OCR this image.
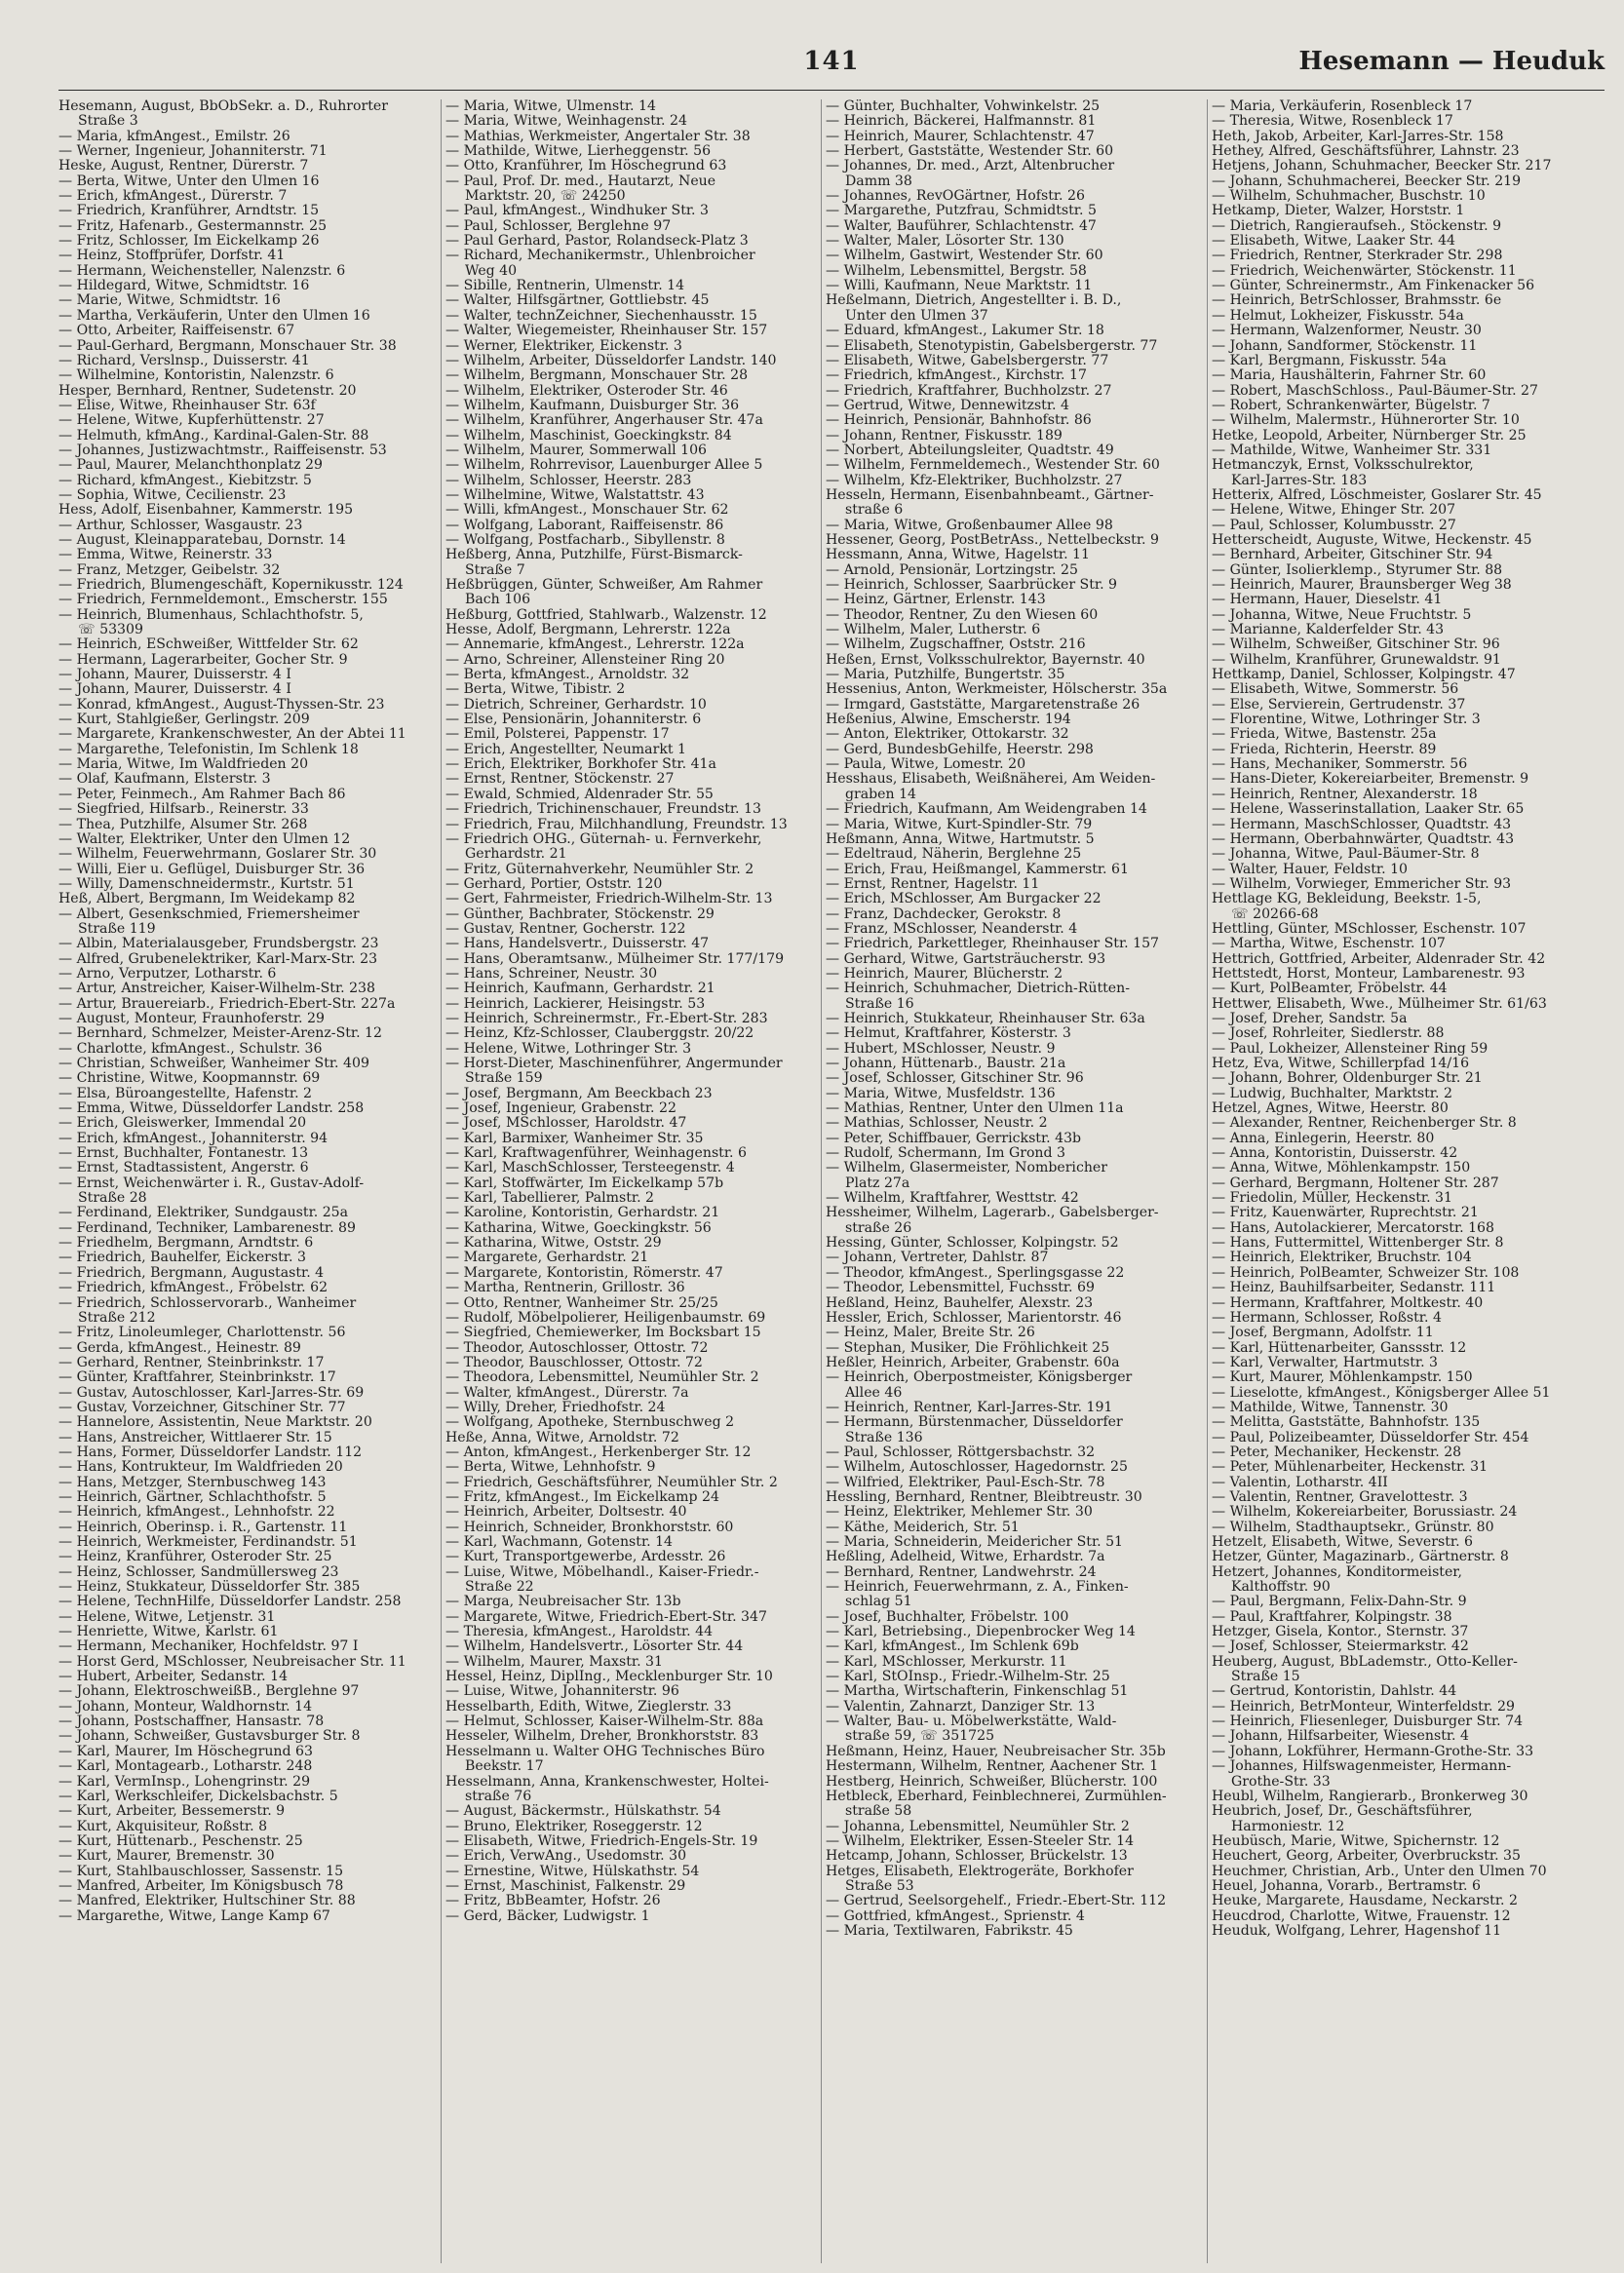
141	Hesemann — Heuduk
Hesemann, August, BbObSekr. a. D., Ruhrorter
Straße 3
— Maria, kfmAngest., Emilstr. 26
— Werner, Ingenieur, Johanniterstr. 71
Heske, August, Rentner, Dürerstr. 7
— Berta, Witwe, Unter den Ulmen 16
— Erich, kfmAngest., Dürerstr. 7
— Friedrich, Kranführer, Arndtstr. 15
— Fritz, Hafenarb., Gestermannstr. 25
— Fritz, Schlosser, Im Eickelkamp 26
— Heinz, Stoffprüfer, Dorfstr. 41
— Hermann, Weichensteller, Nalenzstr. 6
— Hildegard, Witwe, Schmidtstr. 16
— Marie, Witwe, Schmidtstr. 16
— Martha, Verkäuferin, Unter den Ulmen 16
— Otto, Arbeiter, Raiffeisenstr. 67
— Paul-Gerhard, Bergmann, Monschauer Str. 38
— Richard, Verslnsp., Duisserstr. 41
— Wilhelmine, Kontoristin, Nalenzstr. 6
Hesper, Bernhard, Rentner, Sudetenstr. 20
— Elise, Witwe, Rheinhauser Str. 63f
— Helene, Witwe, Kupferhüttenstr. 27
— Helmuth, kfmAng., Kardinal-Galen-Str. 88
— Johannes, Justizwachtmstr., Raiffeisenstr. 53
— Paul, Maurer, Melanchthonplatz 29
— Richard, kfmAngest., Kiebitzstr. 5
— Sophia, Witwe, Cecilienstr. 23
Hess, Adolf, Eisenbahner, Kammerstr. 195
— Arthur, Schlosser, Wasgaustr. 23
— August, Kleinapparatebau, Dornstr. 14
— Emma, Witwe, Reinerstr. 33
— Franz, Metzger, Geibelstr. 32
— Friedrich, Blumengeschäft, Kopernikusstr. 124
— Friedrich, Fernmeldemont., Emscherstr. 155
— Heinrich, Blumenhaus, Schlachthofstr. 5,
☏ 53309
— Heinrich, ESchweißer, Wittfelder Str. 62
— Hermann, Lagerarbeiter, Gocher Str. 9
— Johann, Maurer, Duisserstr. 4 I
— Johann, Maurer, Duisserstr. 4 I
— Konrad, kfmAngest., August-Thyssen-Str. 23
— Kurt, Stahlgießer, Gerlingstr. 209
— Margarete, Krankenschwester, An der Abtei 11
— Margarethe, Telefonistin, Im Schlenk 18
— Maria, Witwe, Im Waldfrieden 20
— Olaf, Kaufmann, Elsterstr. 3
— Peter, Feinmech., Am Rahmer Bach 86
— Siegfried, Hilfsarb., Reinerstr. 33
— Thea, Putzhilfe, Alsumer Str. 268
— Walter, Elektriker, Unter den Ulmen 12
— Wilhelm, Feuerwehrmann, Goslarer Str. 30
— Willi, Eier u. Geflügel, Duisburger Str. 36
— Willy, Damenschneidermstr., Kurtstr. 51
Heß, Albert, Bergmann, Im Weidekamp 82
— Albert, Gesenkschmied, Friemersheimer
Straße 119
— Albin, Materialausgeber, Frundsbergstr. 23
— Alfred, Grubenelektriker, Karl-Marx-Str. 23
— Arno, Verputzer, Lotharstr. 6
— Artur, Anstreicher, Kaiser-Wilhelm-Str. 238
— Artur, Brauereiarb., Friedrich-Ebert-Str. 227a
— August, Monteur, Fraunhoferstr. 29
— Bernhard, Schmelzer, Meister-Arenz-Str. 12
— Charlotte, kfmAngest., Schulstr. 36
— Christian, Schweißer, Wanheimer Str. 409
— Christine, Witwe, Koopmannstr. 69
— Elsa, Büroangestellte, Hafenstr. 2
— Emma, Witwe, Düsseldorfer Landstr. 258
— Erich, Gleiswerker, Immendal 20
— Erich, kfmAngest., Johanniterstr. 94
— Ernst, Buchhalter, Fontanestr. 13
— Ernst, Stadtassistent, Angerstr. 6
— Ernst, Weichenwärter i. R., Gustav-Adolf-
Straße 28
— Ferdinand, Elektriker, Sundgaustr. 25a
— Ferdinand, Techniker, Lambarenestr. 89
— Friedhelm, Bergmann, Arndtstr. 6
— Friedrich, Bauhelfer, Eickerstr. 3
— Friedrich, Bergmann, Augustastr. 4
— Friedrich, kfmAngest., Fröbelstr. 62
— Friedrich, Schlosservorarb., Wanheimer
Straße 212
— Fritz, Linoleumleger, Charlottenstr. 56
— Gerda, kfmAngest., Heinestr. 89
— Gerhard, Rentner, Steinbrinkstr. 17
— Günter, Kraftfahrer, Steinbrinkstr. 17
— Gustav, Autoschlosser, Karl-Jarres-Str. 69
— Gustav, Vorzeichner, Gitschiner Str. 77
— Hannelore, Assistentin, Neue Marktstr. 20
— Hans, Anstreicher, Wittlaerer Str. 15
— Hans, Former, Düsseldorfer Landstr. 112
— Hans, Kontrukteur, Im Waldfrieden 20
— Hans, Metzger, Sternbuschweg 143
— Heinrich, Gärtner, Schlachthofstr. 5
— Heinrich, kfmAngest., Lehnhofstr. 22
— Heinrich, Oberinsp. i. R., Gartenstr. 11
— Heinrich, Werkmeister, Ferdinandstr. 51
— Heinz, Kranführer, Osteroder Str. 25
— Heinz, Schlosser, Sandmüllersweg 23
— Heinz, Stukkateur, Düsseldorfer Str. 385
— Helene, TechnHilfe, Düsseldorfer Landstr. 258
— Helene, Witwe, Letjenstr. 31
— Henriette, Witwe, Karlstr. 61
— Hermann, Mechaniker, Hochfeldstr. 97 I
— Horst Gerd, MSchlosser, Neubreisacher Str. 11
— Hubert, Arbeiter, Sedanstr. 14
— Johann, ElektroschweißB., Berglehne 97
— Johann, Monteur, Waldhornstr. 14
— Johann, Postschaffner, Hansastr. 78
— Johann, Schweißer, Gustavsburger Str. 8
— Karl, Maurer, Im Höschegrund 63
— Karl, Montagearb., Lotharstr. 248
— Karl, VermInsp., Lohengrinstr. 29
— Karl, Werkschleifer, Dickelsbachstr. 5
— Kurt, Arbeiter, Bessemerstr. 9
— Kurt, Akquisiteur, Roßstr. 8
— Kurt, Hüttenarb., Peschenstr. 25
— Kurt, Maurer, Bremenstr. 30
— Kurt, Stahlbauschlosser, Sassenstr. 15
— Manfred, Arbeiter, Im Königsbusch 78
— Manfred, Elektriker, Hultschiner Str. 88
— Margarethe, Witwe, Lange Kamp 67
— Maria, Witwe, Ulmenstr. 14
— Maria, Witwe, Weinhagenstr. 24
— Mathias, Werkmeister, Angertaler Str. 38
— Mathilde, Witwe, Lierheggenstr. 56
— Otto, Kranführer, Im Höschegrund 63
— Paul, Prof. Dr. med., Hautarzt, Neue
Marktstr. 20, ☏ 24250
— Paul, kfmAngest., Windhuker Str. 3
— Paul, Schlosser, Berglehne 97
— Paul Gerhard, Pastor, Rolandseck-Platz 3
— Richard, Mechanikermstr., Uhlenbroicher
Weg 40
— Sibille, Rentnerin, Ulmenstr. 14
— Walter, Hilfsgärtner, Gottliebstr. 45
— Walter, technZeichner, Siechenhausstr. 15
— Walter, Wiegemeister, Rheinhauser Str. 157
— Werner, Elektriker, Eickenstr. 3
— Wilhelm, Arbeiter, Düsseldorfer Landstr. 140
— Wilhelm, Bergmann, Monschauer Str. 28
— Wilhelm, Elektriker, Osteroder Str. 46
— Wilhelm, Kaufmann, Duisburger Str. 36
— Wilhelm, Kranführer, Angerhauser Str. 47a
— Wilhelm, Maschinist, Goeckingkstr. 84
— Wilhelm, Maurer, Sommerwall 106
— Wilhelm, Rohrrevisor, Lauenburger Allee 5
— Wilhelm, Schlosser, Heerstr. 283
— Wilhelmine, Witwe, Walstattstr. 43
— Willi, kfmAngest., Monschauer Str. 62
— Wolfgang, Laborant, Raiffeisenstr. 86
— Wolfgang, Postfacharb., Sibyllenstr. 8
Heßberg, Anna, Putzhilfe, Fürst-Bismarck-
Straße 7
Heßbrüggen, Günter, Schweißer, Am Rahmer
Bach 106
Heßburg, Gottfried, Stahlwarb., Walzenstr. 12
Hesse, Adolf, Bergmann, Lehrerstr. 122a
— Annemarie, kfmAngest., Lehrerstr. 122a
— Arno, Schreiner, Allensteiner Ring 20
— Berta, kfmAngest., Arnoldstr. 32
— Berta, Witwe, Tibistr. 2
— Dietrich, Schreiner, Gerhardstr. 10
— Else, Pensionärin, Johanniterstr. 6
— Emil, Polsterei, Pappenstr. 17
— Erich, Angestellter, Neumarkt 1
— Erich, Elektriker, Borkhofer Str. 41a
— Ernst, Rentner, Stöckenstr. 27
— Ewald, Schmied, Aldenrader Str. 55
— Friedrich, Trichinenschauer, Freundstr. 13
— Friedrich, Frau, Milchhandlung, Freundstr. 13
— Friedrich OHG., Güternah- u. Fernverkehr,
Gerhardstr. 21
— Fritz, Güternahverkehr, Neumühler Str. 2
— Gerhard, Portier, Oststr. 120
— Gert, Fahrmeister, Friedrich-Wilhelm-Str. 13
— Günther, Bachbrater, Stöckenstr. 29
— Gustav, Rentner, Gocherstr. 122
— Hans, Handelsvertr., Duisserstr. 47
— Hans, Oberamtsanw., Mülheimer Str. 177/179
— Hans, Schreiner, Neustr. 30
— Heinrich, Kaufmann, Gerhardstr. 21
— Heinrich, Lackierer, Heisingstr. 53
— Heinrich, Schreinermstr., Fr.-Ebert-Str. 283
— Heinz, Kfz-Schlosser, Clauberggstr. 20/22
— Helene, Witwe, Lothringer Str. 3
— Horst-Dieter, Maschinenführer, Angermunder
Straße 159
— Josef, Bergmann, Am Beeckbach 23
— Josef, Ingenieur, Grabenstr. 22
— Josef, MSchlosser, Haroldstr. 47
— Karl, Barmixer, Wanheimer Str. 35
— Karl, Kraftwagenführer, Weinhagenstr. 6
— Karl, MaschSchlosser, Tersteegenstr. 4
— Karl, Stoffwärter, Im Eickelkamp 57b
— Karl, Tabellierer, Palmstr. 2
— Karoline, Kontoristin, Gerhardstr. 21
— Katharina, Witwe, Goeckingkstr. 56
— Katharina, Witwe, Oststr. 29
— Margarete, Gerhardstr. 21
— Margarete, Kontoristin, Römerstr. 47
— Martha, Rentnerin, Grillostr. 36
— Otto, Rentner, Wanheimer Str. 25/25
— Rudolf, Möbelpolierer, Heiligenbaumstr. 69
— Siegfried, Chemiewerker, Im Bocksbart 15
— Theodor, Autoschlosser, Ottostr. 72
— Theodor, Bauschlosser, Ottostr. 72
— Theodora, Lebensmittel, Neumühler Str. 2
— Walter, kfmAngest., Dürerstr. 7a
— Willy, Dreher, Friedhofstr. 24
— Wolfgang, Apotheke, Sternbuschweg 2
Heße, Anna, Witwe, Arnoldstr. 72
— Anton, kfmAngest., Herkenberger Str. 12
— Berta, Witwe, Lehnhofstr. 9
— Friedrich, Geschäftsführer, Neumühler Str. 2
— Fritz, kfmAngest., Im Eickelkamp 24
— Heinrich, Arbeiter, Doltsestr. 40
— Heinrich, Schneider, Bronkhorststr. 60
— Karl, Wachmann, Gotenstr. 14
— Kurt, Transportgewerbe, Ardesstr. 26
— Luise, Witwe, Möbelhandl., Kaiser-Friedr.-
Straße 22
— Marga, Neubreisacher Str. 13b
— Margarete, Witwe, Friedrich-Ebert-Str. 347
— Theresia, kfmAngest., Haroldstr. 44
— Wilhelm, Handelsvertr., Lösorter Str. 44
— Wilhelm, Maurer, Maxstr. 31
Hessel, Heinz, DiplIng., Mecklenburger Str. 10
— Luise, Witwe, Johanniterstr. 96
Hesselbarth, Edith, Witwe, Zieglerstr. 33
— Helmut, Schlosser, Kaiser-Wilhelm-Str. 88a
Hesseler, Wilhelm, Dreher, Bronkhorststr. 83
Hesselmann u. Walter OHG Technisches Büro
Beekstr. 17
Hesselmann, Anna, Krankenschwester, Holtei-
straße 76
— August, Bäckermstr., Hülskathstr. 54
— Bruno, Elektriker, Roseggerstr. 12
— Elisabeth, Witwe, Friedrich-Engels-Str. 19
— Erich, VerwAng., Usedomstr. 30
— Ernestine, Witwe, Hülskathstr. 54
— Ernst, Maschinist, Falkenstr. 29
— Fritz, BbBeamter, Hofstr. 26
— Gerd, Bäcker, Ludwigstr. 1
— Günter, Buchhalter, Vohwinkelstr. 25
— Heinrich, Bäckerei, Halfmannstr. 81
— Heinrich, Maurer, Schlachtenstr. 47
— Herbert, Gaststätte, Westender Str. 60
— Johannes, Dr. med., Arzt, Altenbrucher
Damm 38
— Johannes, RevOGärtner, Hofstr. 26
— Margarethe, Putzfrau, Schmidtstr. 5
— Walter, Bauführer, Schlachtenstr. 47
— Walter, Maler, Lösorter Str. 130
— Wilhelm, Gastwirt, Westender Str. 60
— Wilhelm, Lebensmittel, Bergstr. 58
— Willi, Kaufmann, Neue Marktstr. 11
Heßelmann, Dietrich, Angestellter i. B. D.,
Unter den Ulmen 37
— Eduard, kfmAngest., Lakumer Str. 18
— Elisabeth, Stenotypistin, Gabelsbergerstr. 77
— Elisabeth, Witwe, Gabelsbergerstr. 77
— Friedrich, kfmAngest., Kirchstr. 17
— Friedrich, Kraftfahrer, Buchholzstr. 27
— Gertrud, Witwe, Dennewitzstr. 4
— Heinrich, Pensionär, Bahnhofstr. 86
— Johann, Rentner, Fiskusstr. 189
— Norbert, Abteilungsleiter, Quadtstr. 49
— Wilhelm, Fernmeldemech., Westender Str. 60
— Wilhelm, Kfz-Elektriker, Buchholzstr. 27
Hesseln, Hermann, Eisenbahnbeamt., Gärtner-
straße 6
— Maria, Witwe, Großenbaumer Allee 98
Hessener, Georg, PostBetrAss., Nettelbeckstr. 9
Hessmann, Anna, Witwe, Hagelstr. 11
— Arnold, Pensionär, Lortzingstr. 25
— Heinrich, Schlosser, Saarbrücker Str. 9
— Heinz, Gärtner, Erlenstr. 143
— Theodor, Rentner, Zu den Wiesen 60
— Wilhelm, Maler, Lutherstr. 6
— Wilhelm, Zugschaffner, Oststr. 216
Heßen, Ernst, Volksschulrektor, Bayernstr. 40
— Maria, Putzhilfe, Bungertstr. 35
Hessenius, Anton, Werkmeister, Hölscherstr. 35a
— Irmgard, Gaststätte, Margaretenstraße 26
Heßenius, Alwine, Emscherstr. 194
— Anton, Elektriker, Ottokarstr. 32
— Gerd, BundesbGehilfe, Heerstr. 298
— Paula, Witwe, Lomestr. 20
Hesshaus, Elisabeth, Weißnäherei, Am Weiden-
graben 14
— Friedrich, Kaufmann, Am Weidengraben 14
— Maria, Witwe, Kurt-Spindler-Str. 79
Heßmann, Anna, Witwe, Hartmutstr. 5
— Edeltraud, Näherin, Berglehne 25
— Erich, Frau, Heißmangel, Kammerstr. 61
— Ernst, Rentner, Hagelstr. 11
— Erich, MSchlosser, Am Burgacker 22
— Franz, Dachdecker, Gerokstr. 8
— Franz, MSchlosser, Neanderstr. 4
— Friedrich, Parkettleger, Rheinhauser Str. 157
— Gerhard, Witwe, Gartsträucherstr. 93
— Heinrich, Maurer, Blücherstr. 2
— Heinrich, Schuhmacher, Dietrich-Rütten-
Straße 16
— Heinrich, Stukkateur, Rheinhauser Str. 63a
— Helmut, Kraftfahrer, Kösterstr. 3
— Hubert, MSchlosser, Neustr. 9
— Johann, Hüttenarb., Baustr. 21a
— Josef, Schlosser, Gitschiner Str. 96
— Maria, Witwe, Musfeldstr. 136
— Mathias, Rentner, Unter den Ulmen 11a
— Mathias, Schlosser, Neustr. 2
— Peter, Schiffbauer, Gerrickstr. 43b
— Rudolf, Schermann, Im Grond 3
— Wilhelm, Glasermeister, Nombericher
Platz 27a
— Wilhelm, Kraftfahrer, Westtstr. 42
Hessheimer, Wilhelm, Lagerarb., Gabelsberger-
straße 26
Hessing, Günter, Schlosser, Kolpingstr. 52
— Johann, Vertreter, Dahlstr. 87
— Theodor, kfmAngest., Sperlingsgasse 22
— Theodor, Lebensmittel, Fuchsstr. 69
Heßland, Heinz, Bauhelfer, Alexstr. 23
Hessler, Erich, Schlosser, Marientorstr. 46
— Heinz, Maler, Breite Str. 26
— Stephan, Musiker, Die Fröhlichkeit 25
Heßler, Heinrich, Arbeiter, Grabenstr. 60a
— Heinrich, Oberpostmeister, Königsberger
Allee 46
— Heinrich, Rentner, Karl-Jarres-Str. 191
— Hermann, Bürstenmacher, Düsseldorfer
Straße 136
— Paul, Schlosser, Röttgersbachstr. 32
— Wilhelm, Autoschlosser, Hagedornstr. 25
— Wilfried, Elektriker, Paul-Esch-Str. 78
Hessling, Bernhard, Rentner, Bleibtreustr. 30
— Heinz, Elektriker, Mehlemer Str. 30
— Käthe, Meiderich, Str. 51
— Maria, Schneiderin, Meidericher Str. 51
Heßling, Adelheid, Witwe, Erhardstr. 7a
— Bernhard, Rentner, Landwehrstr. 24
— Heinrich, Feuerwehrmann, z. A., Finken-
schlag 51
— Josef, Buchhalter, Fröbelstr. 100
— Karl, Betriebsing., Diepenbrocker Weg 14
— Karl, kfmAngest., Im Schlenk 69b
— Karl, MSchlosser, Merkurstr. 11
— Karl, StOInsp., Friedr.-Wilhelm-Str. 25
— Martha, Wirtschafterin, Finkenschlag 51
— Valentin, Zahnarzt, Danziger Str. 13
— Walter, Bau- u. Möbelwerkstätte, Wald-
straße 59, ☏ 351725
Heßmann, Heinz, Hauer, Neubreisacher Str. 35b
Hestermann, Wilhelm, Rentner, Aachener Str. 1
Hestberg, Heinrich, Schweißer, Blücherstr. 100
Hetbleck, Eberhard, Feinblechnerei, Zurmühlen-
straße 58
— Johanna, Lebensmittel, Neumühler Str. 2
— Wilhelm, Elektriker, Essen-Steeler Str. 14
Hetcamp, Johann, Schlosser, Brückelstr. 13
Hetges, Elisabeth, Elektrogeräte, Borkhofer
Straße 53
— Gertrud, Seelsorgehelf., Friedr.-Ebert-Str. 112
— Gottfried, kfmAngest., Sprienstr. 4
— Maria, Textilwaren, Fabrikstr. 45
— Maria, Verkäuferin, Rosenbleck 17
— Theresia, Witwe, Rosenbleck 17
Heth, Jakob, Arbeiter, Karl-Jarres-Str. 158
Hethey, Alfred, Geschäftsführer, Lahnstr. 23
Hetjens, Johann, Schuhmacher, Beecker Str. 217
— Johann, Schuhmacherei, Beecker Str. 219
— Wilhelm, Schuhmacher, Buschstr. 10
Hetkamp, Dieter, Walzer, Horststr. 1
— Dietrich, Rangieraufseh., Stöckenstr. 9
— Elisabeth, Witwe, Laaker Str. 44
— Friedrich, Rentner, Sterkrader Str. 298
— Friedrich, Weichenwärter, Stöckenstr. 11
— Günter, Schreinermstr., Am Finkenacker 56
— Heinrich, BetrSchlosser, Brahmsstr. 6e
— Helmut, Lokheizer, Fiskusstr. 54a
— Hermann, Walzenformer, Neustr. 30
— Johann, Sandformer, Stöckenstr. 11
— Karl, Bergmann, Fiskusstr. 54a
— Maria, Haushälterin, Fahrner Str. 60
— Robert, MaschSchloss., Paul-Bäumer-Str. 27
— Robert, Schrankenwärter, Bügelstr. 7
— Wilhelm, Malermstr., Hühnerorter Str. 10
Hetke, Leopold, Arbeiter, Nürnberger Str. 25
— Mathilde, Witwe, Wanheimer Str. 331
Hetmanczyk, Ernst, Volksschulrektor,
Karl-Jarres-Str. 183
Hetterix, Alfred, Löschmeister, Goslarer Str. 45
— Helene, Witwe, Ehinger Str. 207
— Paul, Schlosser, Kolumbusstr. 27
Hetterscheidt, Auguste, Witwe, Heckenstr. 45
— Bernhard, Arbeiter, Gitschiner Str. 94
— Günter, Isolierklemp., Styrumer Str. 88
— Heinrich, Maurer, Braunsberger Weg 38
— Hermann, Hauer, Dieselstr. 41
— Johanna, Witwe, Neue Fruchtstr. 5
— Marianne, Kalderfelder Str. 43
— Wilhelm, Schweißer, Gitschiner Str. 96
— Wilhelm, Kranführer, Grunewaldstr. 91
Hettkamp, Daniel, Schlosser, Kolpingstr. 47
— Elisabeth, Witwe, Sommerstr. 56
— Else, Servierein, Gertrudenstr. 37
— Florentine, Witwe, Lothringer Str. 3
— Frieda, Witwe, Bastenstr. 25a
— Frieda, Richterin, Heerstr. 89
— Hans, Mechaniker, Sommerstr. 56
— Hans-Dieter, Kokereiarbeiter, Bremenstr. 9
— Heinrich, Rentner, Alexanderstr. 18
— Helene, Wasserinstallation, Laaker Str. 65
— Hermann, MaschSchlosser, Quadtstr. 43
— Hermann, Oberbahnwärter, Quadtstr. 43
— Johanna, Witwe, Paul-Bäumer-Str. 8
— Walter, Hauer, Feldstr. 10
— Wilhelm, Vorwieger, Emmericher Str. 93
Hettlage KG, Bekleidung, Beekstr. 1-5,
☏ 20266-68
Hettling, Günter, MSchlosser, Eschenstr. 107
— Martha, Witwe, Eschenstr. 107
Hettrich, Gottfried, Arbeiter, Aldenrader Str. 42
Hettstedt, Horst, Monteur, Lambarenestr. 93
— Kurt, PolBeamter, Fröbelstr. 44
Hettwer, Elisabeth, Wwe., Mülheimer Str. 61/63
— Josef, Dreher, Sandstr. 5a
— Josef, Rohrleiter, Siedlerstr. 88
— Paul, Lokheizer, Allensteiner Ring 59
Hetz, Eva, Witwe, Schillerpfad 14/16
— Johann, Bohrer, Oldenburger Str. 21
— Ludwig, Buchhalter, Marktstr. 2
Hetzel, Agnes, Witwe, Heerstr. 80
— Alexander, Rentner, Reichenberger Str. 8
— Anna, Einlegerin, Heerstr. 80
— Anna, Kontoristin, Duisserstr. 42
— Anna, Witwe, Möhlenkampstr. 150
— Gerhard, Bergmann, Holtener Str. 287
— Friedolin, Müller, Heckenstr. 31
— Fritz, Kauenwärter, Ruprechtstr. 21
— Hans, Autolackierer, Mercatorstr. 168
— Hans, Futtermittel, Wittenberger Str. 8
— Heinrich, Elektriker, Bruchstr. 104
— Heinrich, PolBeamter, Schweizer Str. 108
— Heinz, Bauhilfsarbeiter, Sedanstr. 111
— Hermann, Kraftfahrer, Moltkestr. 40
— Hermann, Schlosser, Roßstr. 4
— Josef, Bergmann, Adolfstr. 11
— Karl, Hüttenarbeiter, Ganssstr. 12
— Karl, Verwalter, Hartmutstr. 3
— Kurt, Maurer, Möhlenkampstr. 150
— Lieselotte, kfmAngest., Königsberger Allee 51
— Mathilde, Witwe, Tannenstr. 30
— Melitta, Gaststätte, Bahnhofstr. 135
— Paul, Polizeibeamter, Düsseldorfer Str. 454
— Peter, Mechaniker, Heckenstr. 28
— Peter, Mühlenarbeiter, Heckenstr. 31
— Valentin, Lotharstr. 4II
— Valentin, Rentner, Gravelottestr. 3
— Wilhelm, Kokereiarbeiter, Borussiastr. 24
— Wilhelm, Stadthauptsekr., Grünstr. 80
Hetzelt, Elisabeth, Witwe, Severstr. 6
Hetzer, Günter, Magazinarb., Gärtnerstr. 8
Hetzert, Johannes, Konditormeister,
Kalthoffstr. 90
— Paul, Bergmann, Felix-Dahn-Str. 9
— Paul, Kraftfahrer, Kolpingstr. 38
Hetzger, Gisela, Kontor., Sternstr. 37
— Josef, Schlosser, Steiermarkstr. 42
Heuberg, August, BbLademstr., Otto-Keller-
Straße 15
— Gertrud, Kontoristin, Dahlstr. 44
— Heinrich, BetrMonteur, Winterfeldstr. 29
— Heinrich, Fliesenleger, Duisburger Str. 74
— Johann, Hilfsarbeiter, Wiesenstr. 4
— Johann, Lokführer, Hermann-Grothe-Str. 33
— Johannes, Hilfswagenmeister, Hermann-
Grothe-Str. 33
Heubl, Wilhelm, Rangierarb., Bronkerweg 30
Heubrich, Josef, Dr., Geschäftsführer,
Harmoniestr. 12
Heubüsch, Marie, Witwe, Spichernstr. 12
Heuchert, Georg, Arbeiter, Overbruckstr. 35
Heuchmer, Christian, Arb., Unter den Ulmen 70
Heuel, Johanna, Vorarb., Bertramstr. 6
Heuke, Margarete, Hausdame, Neckarstr. 2
Heucdrod, Charlotte, Witwe, Frauenstr. 12
Heuduk, Wolfgang, Lehrer, Hagenshof 11
